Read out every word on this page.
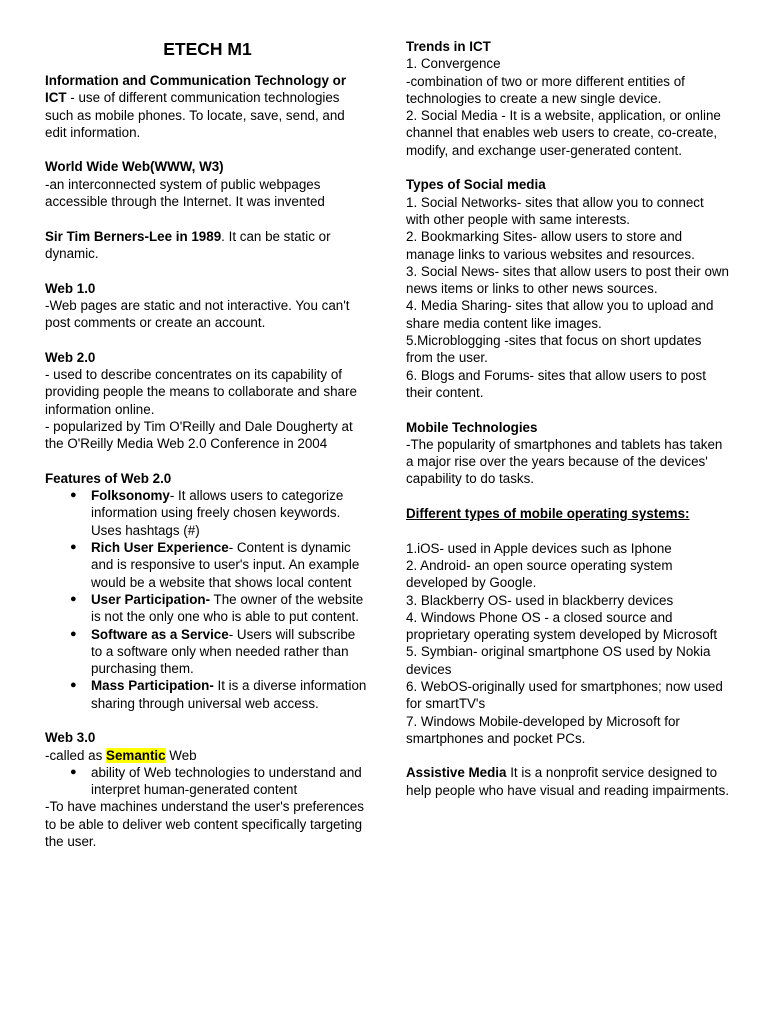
ETECH M1

Information and Communication Technology or ICT - use of different communication technologies such as mobile phones. To locate, save, send, and edit information.

World Wide Web(WWW, W3)

-an interconnected system of public webpages accessible through the Internet. It was invented

Sir Tim Berners-Lee in 1989. It can be static or dynamic.

Web 1.0

-Web pages are static and not interactive. You can't post comments or create an account.

Web 2.0

- used to describe concentrates on its capability of providing people the means to collaborate and share information online.

- popularized by Tim O'Reilly and Dale Dougherty at the O'Reilly Media Web 2.0 Conference in 2004

Features of Web 2.0

● Folksonomy- It allows users to categorize information using freely chosen keywords. Uses hashtags (#)
● Rich User Experience- Content is dynamic and is responsive to user's input. An example would be a website that shows local content
● User Participation- The owner of the website is not the only one who is able to put content.
● Software as a Service- Users will subscribe to a software only when needed rather than purchasing them.
● Mass Participation- It is a diverse information sharing through universal web access.

Web 3.0

-called as Semantic Web

● ability of Web technologies to understand and interpret human-generated content

-To have machines understand the user's preferences to be able to deliver web content specifically targeting the user.

Trends in ICT

1. Convergence

-combination of two or more different entities of technologies to create a new single device.

2. Social Media - It is a website, application, or online channel that enables web users to create, co-create, modify, and exchange user-generated content.

Types of Social media

1. Social Networks- sites that allow you to connect with other people with same interests.

2. Bookmarking Sites- allow users to store and manage links to various websites and resources.

3. Social News- sites that allow users to post their own news items or links to other news sources.

4. Media Sharing- sites that allow you to upload and share media content like images.

5.Microblogging -sites that focus on short updates from the user.

6. Blogs and Forums- sites that allow users to post their content.

Mobile Technologies

-The popularity of smartphones and tablets has taken a major rise over the years because of the devices' capability to do tasks.

Different types of mobile operating systems:

1.iOS- used in Apple devices such as Iphone

2. Android- an open source operating system developed by Google.

3. Blackberry OS- used in blackberry devices

4. Windows Phone OS - a closed source and proprietary operating system developed by Microsoft

5. Symbian- original smartphone OS used by Nokia devices

6. WebOS-originally used for smartphones; now used for smartTV's

7. Windows Mobile-developed by Microsoft for smartphones and pocket PCs.

Assistive Media It is a nonprofit service designed to help people who have visual and reading impairments.
